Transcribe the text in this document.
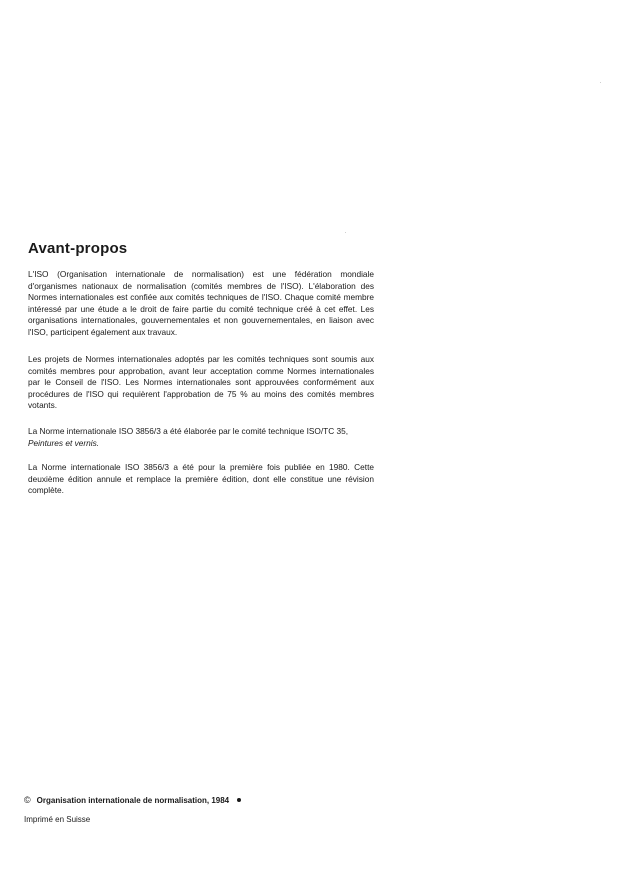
Avant-propos

L'ISO (Organisation internationale de normalisation) est une fédération mondiale d'organismes nationaux de normalisation (comités membres de l'ISO). L'élaboration des Normes internationales est confiée aux comités techniques de l'ISO. Chaque comité membre intéressé par une étude a le droit de faire partie du comité technique créé à cet effet. Les organisations internationales, gouvernementales et non gouvernementales, en liaison avec l'ISO, participent également aux travaux.

Les projets de Normes internationales adoptés par les comités techniques sont soumis aux comités membres pour approbation, avant leur acceptation comme Normes internationales par le Conseil de l'ISO. Les Normes internationales sont approuvées conformément aux procédures de l'ISO qui requièrent l'approbation de 75 % au moins des comités membres votants.

La Norme internationale ISO 3856/3 a été élaborée par le comité technique ISO/TC 35,
Peintures et vernis.

La Norme internationale ISO 3856/3 a été pour la première fois publiée en 1980. Cette deuxième édition annule et remplace la première édition, dont elle constitue une révision complète.

© Organisation internationale de normalisation, 1984
Imprimé en Suisse
